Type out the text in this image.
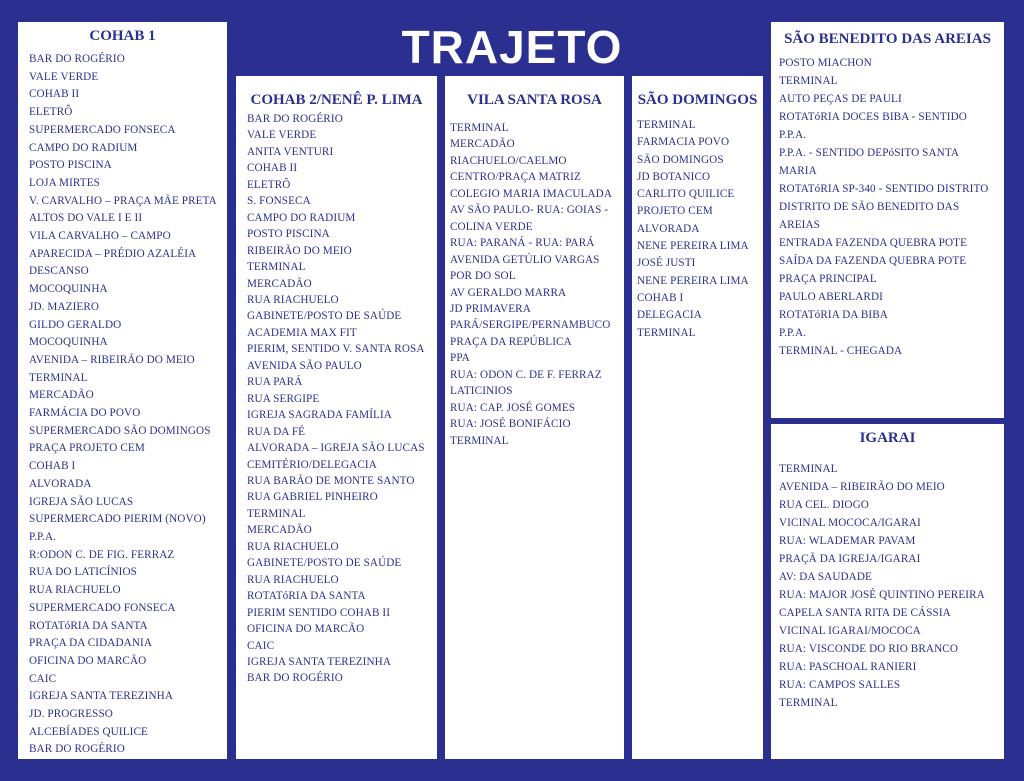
COHAB 1
BAR DO ROGÉRIO
VALE VERDE
COHAB II
ELETRÔ
SUPERMERCADO FONSECA
CAMPO DO RADIUM
POSTO PISCINA
LOJA MIRTES
V. CARVALHO – PRAÇA MÃE PRETA
ALTOS DO VALE I E II
VILA CARVALHO – CAMPO
APARECIDA – PRÉDIO AZALÉIA
DESCANSO
MOCOQUINHA
JD. MAZIERO
GILDO GERALDO
MOCOQUINHA
AVENIDA – RIBEIRÃO DO MEIO
TERMINAL
MERCADÃO
FARMÁCIA DO POVO
SUPERMERCADO SÃO DOMINGOS
PRAÇA PROJETO CEM
COHAB I
ALVORADA
IGREJA SÃO LUCAS
SUPERMERCADO PIERIM (NOVO)
P.P.A.
R:ODON C. DE FIG. FERRAZ
RUA DO LATICÍNIOS
RUA RIACHUELO
SUPERMERCADO FONSECA
ROTATóRIA DA SANTA
PRAÇA DA CIDADANIA
OFICINA DO MARCÃO
CAIC
IGREJA SANTA TEREZINHA
JD. PROGRESSO
ALCEBÍADES QUILICE
BAR DO ROGÉRIO
TRAJETO
COHAB 2/NENÊ P. LIMA
BAR DO ROGÉRIO
VALE VERDE
ANITA VENTURI
COHAB II
ELETRÔ
S. FONSECA
CAMPO DO RADIUM
POSTO PISCINA
RIBEIRÃO DO MEIO
TERMINAL
MERCADÃO
RUA RIACHUELO
GABINETE/POSTO DE SAÚDE
ACADEMIA MAX FIT
PIERIM, SENTIDO V. SANTA ROSA
AVENIDA SÃO PAULO
RUA PARÁ
RUA SERGIPE
IGREJA SAGRADA FAMÍLIA
RUA DA FÉ
ALVORADA – IGREJA SÃO LUCAS
CEMITÉRIO/DELEGACIA
RUA BARÃO DE MONTE SANTO
RUA GABRIEL PINHEIRO
TERMINAL
MERCADÃO
RUA RIACHUELO
GABINETE/POSTO DE SAÚDE
RUA RIACHUELO
ROTATóRIA DA SANTA
PIERIM SENTIDO COHAB II
OFICINA DO MARCÃO
CAIC
IGREJA SANTA TEREZINHA
BAR DO ROGÉRIO
VILA SANTA ROSA
TERMINAL
MERCADÃO
RIACHUELO/CAELMO
CENTRO/PRAÇA MATRIZ
COLEGIO MARIA IMACULADA
AV SÃO PAULO- RUA: GOIAS -
COLINA VERDE
RUA: PARANÁ - RUA: PARÁ
AVENIDA GETÚLIO VARGAS
POR DO SOL
AV GERALDO MARRA
JD PRIMAVERA
PARÁ/SERGIPE/PERNAMBUCO
PRAÇA DA REPÚBLICA
PPA
RUA: ODON C. DE F. FERRAZ
LATICINIOS
RUA: CAP. JOSÉ GOMES
RUA: JOSÉ BONIFÁCIO
TERMINAL
SÃO DOMINGOS
TERMINAL
FARMACIA POVO
SÃO DOMINGOS
JD BOTANICO
CARLITO QUILICE
PROJETO CEM
ALVORADA
NENE PEREIRA LIMA
JOSÉ JUSTI
NENE PEREIRA LIMA
COHAB I
DELEGACIA
TERMINAL
SÃO BENEDITO DAS AREIAS
POSTO MIACHON
TERMINAL
AUTO PEÇAS DE PAULI
ROTATóRIA DOCES BIBA - SENTIDO
P.P.A.
P.P.A. - SENTIDO DEPóSITO SANTA
MARIA
ROTATóRIA SP-340 - SENTIDO DISTRITO
DISTRITO DE SÃO BENEDITO DAS
AREIAS
ENTRADA FAZENDA QUEBRA POTE
SAÍDA DA FAZENDA QUEBRA POTE
PRAÇA PRINCIPAL
PAULO ABERLARDI
ROTATóRIA DA BIBA
P.P.A.
TERMINAL - CHEGADA
IGARAI
TERMINAL
AVENIDA – RIBEIRÃO DO MEIO
RUA CEL. DIOGO
VICINAL MOCOCA/IGARAI
RUA: WLADEMAR PAVAM
PRAÇÃ DA IGREJA/IGARAI
AV: DA SAUDADE
RUA: MAJOR JOSÉ QUINTINO PEREIRA
CAPELA SANTA RITA DE CÁSSIA
VICINAL IGARAI/MOCOCA
RUA: VISCONDE DO RIO BRANCO
RUA: PASCHOAL RANIERI
RUA: CAMPOS SALLES
TERMINAL
